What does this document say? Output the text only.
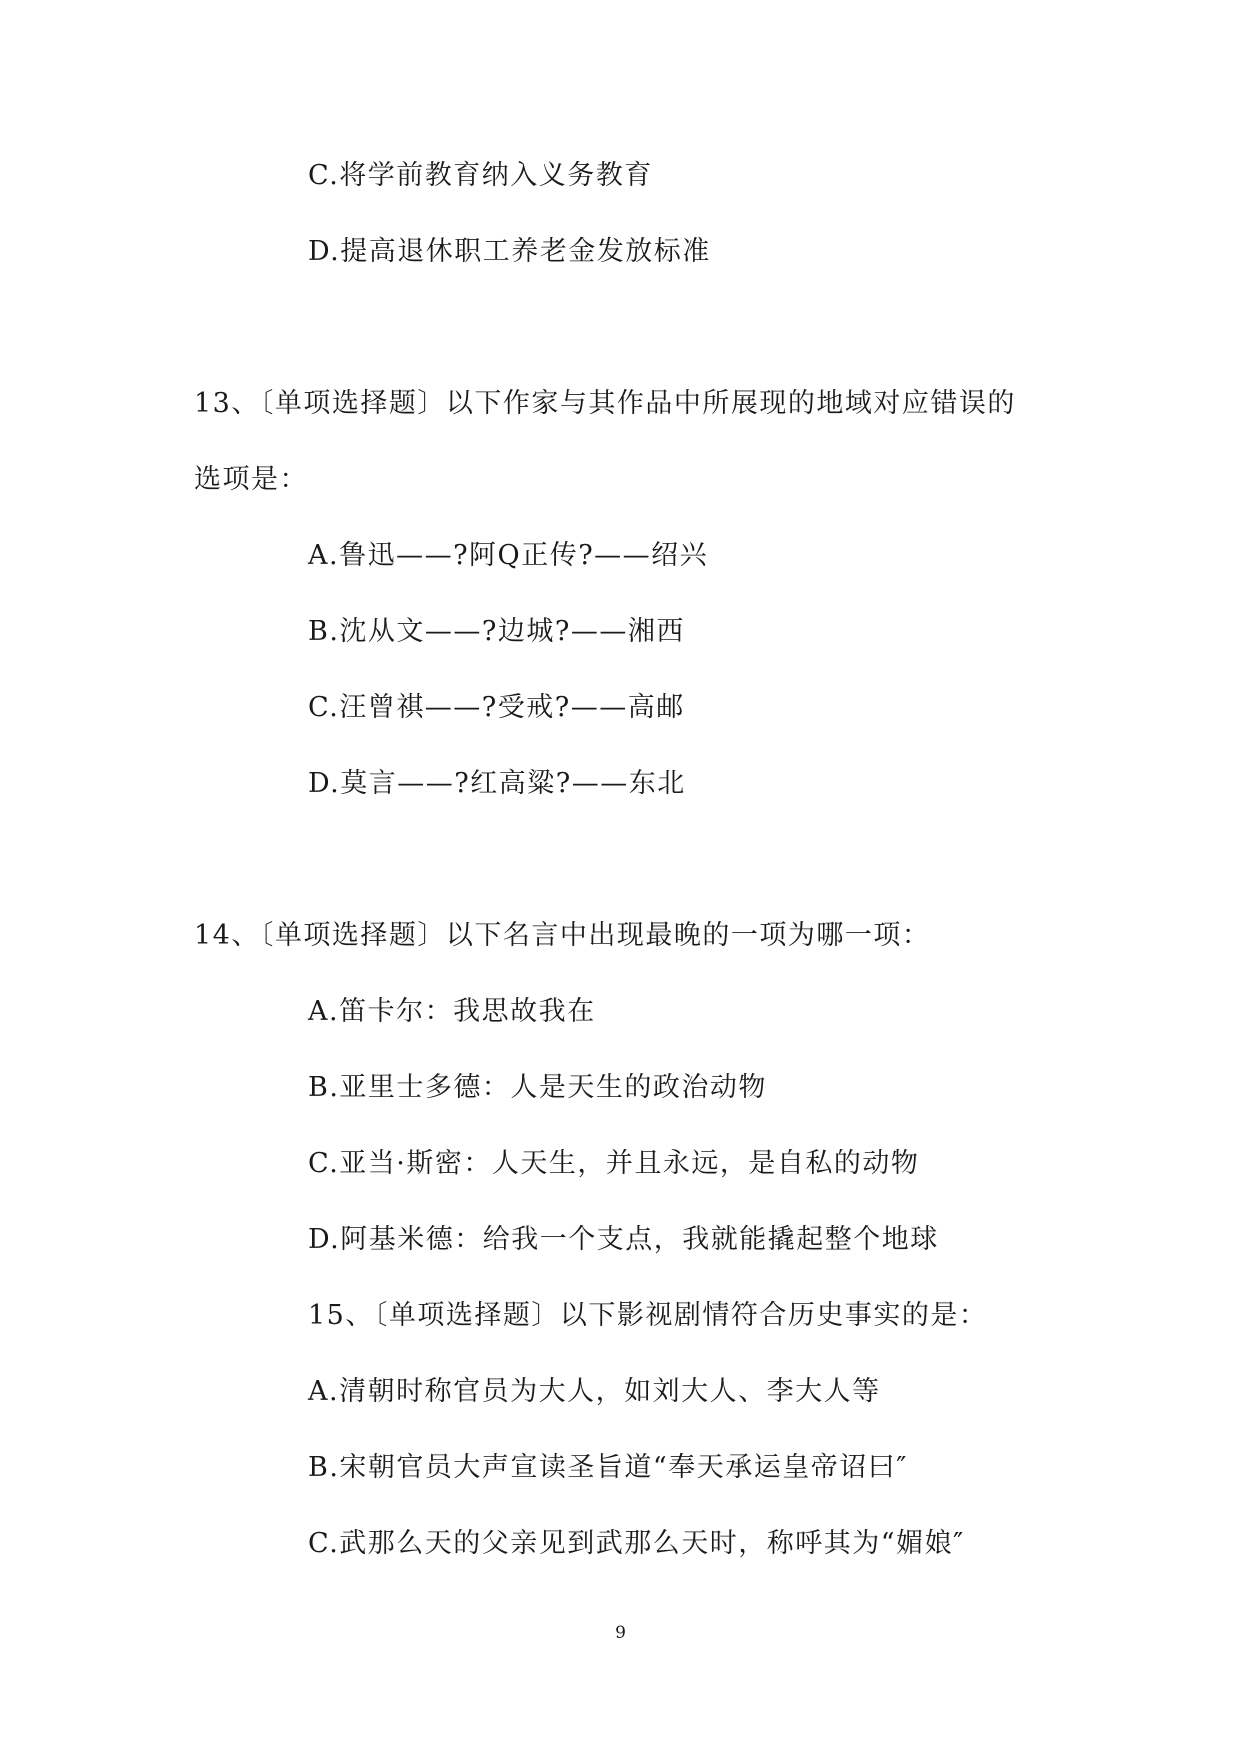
C.将学前教育纳入义务教育
D.提高退休职工养老金发放标准
13、〔单项选择题〕以下作家与其作品中所展现的地域对应错误的
选项是：
A.鲁迅——?阿Q正传?——绍兴
B.沈从文——?边城?——湘西
C.汪曾祺——?受戒?——高邮
D.莫言——?红高粱?——东北
14、〔单项选择题〕以下名言中出现最晚的一项为哪一项：
A.笛卡尔：我思故我在
B.亚里士多德：人是天生的政治动物
C.亚当·斯密：人天生，并且永远，是自私的动物
D.阿基米德：给我一个支点，我就能撬起整个地球
15、〔单项选择题〕以下影视剧情符合历史事实的是：
A.清朝时称官员为大人，如刘大人、李大人等
B.宋朝官员大声宣读圣旨道“奉天承运皇帝诏曰″
C.武那么天的父亲见到武那么天时，称呼其为“媚娘″
9
